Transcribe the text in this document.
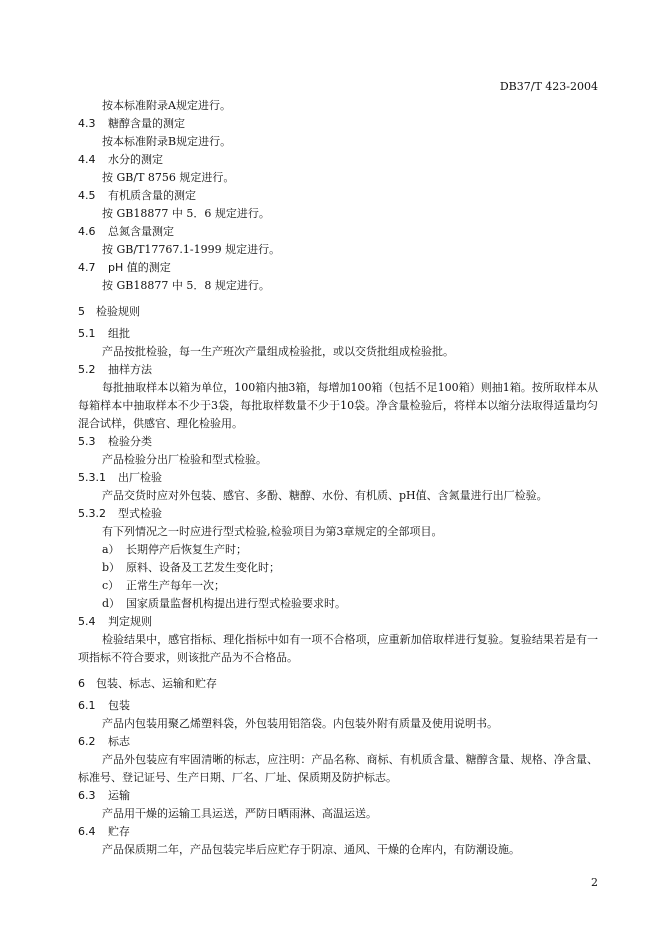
DB37/T 423-2004
按本标准附录A规定进行。
4.3 糖醇含量的测定
按本标准附录B规定进行。
4.4 水分的测定
按 GB/T 8756 规定进行。
4.5 有机质含量的测定
按 GB18877 中 5．6 规定进行。
4.6 总氮含量测定
按 GB/T17767.1-1999 规定进行。
4.7 pH 值的测定
按 GB18877 中 5．8 规定进行。
5 检验规则
5.1 组批
产品按批检验，每一生产班次产量组成检验批，或以交货批组成检验批。
5.2 抽样方法
每批抽取样本以箱为单位，100箱内抽3箱，每增加100箱（包括不足100箱）则抽1箱。按所取样本从每箱样本中抽取样本不少于3袋，每批取样数量不少于10袋。净含量检验后，将样本以缩分法取得适量均匀混合试样，供感官、理化检验用。
5.3 检验分类
产品检验分出厂检验和型式检验。
5.3.1 出厂检验
产品交货时应对外包装、感官、多酚、糖醇、水份、有机质、pH值、含氮量进行出厂检验。
5.3.2 型式检验
有下列情况之一时应进行型式检验,检验项目为第3章规定的全部项目。
a） 长期停产后恢复生产时；
b） 原料、设备及工艺发生变化时；
c） 正常生产每年一次；
d） 国家质量监督机构提出进行型式检验要求时。
5.4 判定规则
检验结果中，感官指标、理化指标中如有一项不合格项，应重新加倍取样进行复验。复验结果若是有一项指标不符合要求，则该批产品为不合格品。
6 包装、标志、运输和贮存
6.1 包装
产品内包装用聚乙烯塑料袋，外包装用铝箔袋。内包装外附有质量及使用说明书。
6.2 标志
产品外包装应有牢固清晰的标志，应注明：产品名称、商标、有机质含量、糖醇含量、规格、净含量、标准号、登记证号、生产日期、厂名、厂址、保质期及防护标志。
6.3 运输
产品用干燥的运输工具运送，严防日晒雨淋、高温运送。
6.4 贮存
产品保质期二年，产品包装完毕后应贮存于阴凉、通风、干燥的仓库内，有防潮设施。
2
